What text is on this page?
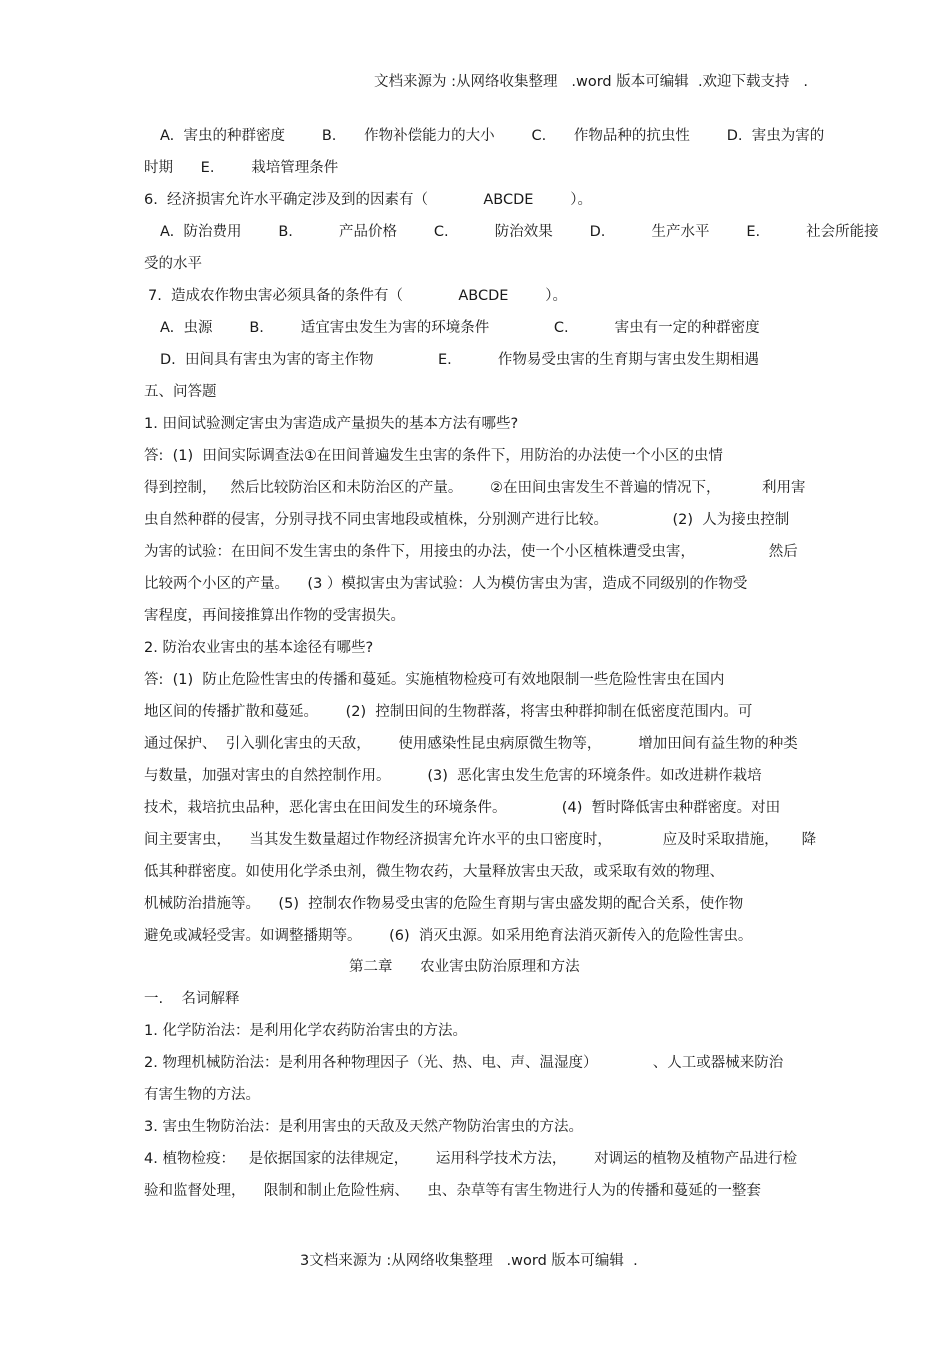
文档来源为 :从网络收集整理   .word 版本可编辑  .欢迎下载支持   .
A.  害虫的种群密度        B.      作物补偿能力的大小        C.      作物品种的抗虫性        D.  害虫为害的
时期      E.        栽培管理条件
6.  经济损害允许水平确定涉及到的因素有（            ABCDE        ）。
A.  防治费用        B.          产品价格        C.          防治效果        D.          生产水平        E.          社会所能接
受的水平
7.  造成农作物虫害必须具备的条件有（            ABCDE        ）。
A.  虫源        B.        适宜害虫发生为害的环境条件              C.          害虫有一定的种群密度
D.  田间具有害虫为害的寄主作物              E.          作物易受虫害的生育期与害虫发生期相遇
五、问答题
1. 田间试验测定害虫为害造成产量损失的基本方法有哪些?
答:  (1)  田间实际调查法①在田间普遍发生虫害的条件下，用防治的办法使一个小区的虫情
得到控制，   然后比较防治区和未防治区的产量。      ②在田间虫害发生不普遍的情况下，         利用害
虫自然种群的侵害，分别寻找不同虫害地段或植株，分别测产进行比较。              (2)  人为接虫控制
为害的试验：在田间不发生害虫的条件下，用接虫的办法，使一个小区植株遭受虫害，                然后
比较两个小区的产量。    (3 ）模拟害虫为害试验：人为模仿害虫为害，造成不同级别的作物受
害程度，再间接推算出作物的受害损失。
2. 防治农业害虫的基本途径有哪些?
答:  (1)  防止危险性害虫的传播和蔓延。实施植物检疫可有效地限制一些危险性害虫在国内
地区间的传播扩散和蔓延。      (2)  控制田间的生物群落，将害虫种群抑制在低密度范围内。可
通过保护、  引入驯化害虫的天敌，      使用感染性昆虫病原微生物等，        增加田间有益生物的种类
与数量，加强对害虫的自然控制作用。        (3)  恶化害虫发生危害的环境条件。如改进耕作栽培
技术，栽培抗虫品种，恶化害虫在田间发生的环境条件。            (4)  暂时降低害虫种群密度。对田
间主要害虫，    当其发生数量超过作物经济损害允许水平的虫口密度时，           应及时采取措施，     降
低其种群密度。如使用化学杀虫剂，微生物农药，大量释放害虫天敌，或采取有效的物理、
机械防治措施等。    (5)  控制农作物易受虫害的危险生育期与害虫盛发期的配合关系，使作物
避免或减轻受害。如调整播期等。      (6)  消灭虫源。如采用绝育法消灭新传入的危险性害虫。
第二章      农业害虫防治原理和方法
一.    名词解释
1. 化学防治法：是利用化学农药防治害虫的方法。
2. 物理机械防治法：是利用各种物理因子（光、热、电、声、温湿度）            、人工或器械来防治
有害生物的方法。
3. 害虫生物防治法：是利用害虫的天敌及天然产物防治害虫的方法。
4. 植物检疫：   是依据国家的法律规定，      运用科学技术方法，      对调运的植物及植物产品进行检
验和监督处理，    限制和制止危险性病、    虫、杂草等有害生物进行人为的传播和蔓延的一整套
3文档来源为 :从网络收集整理   .word 版本可编辑  .
